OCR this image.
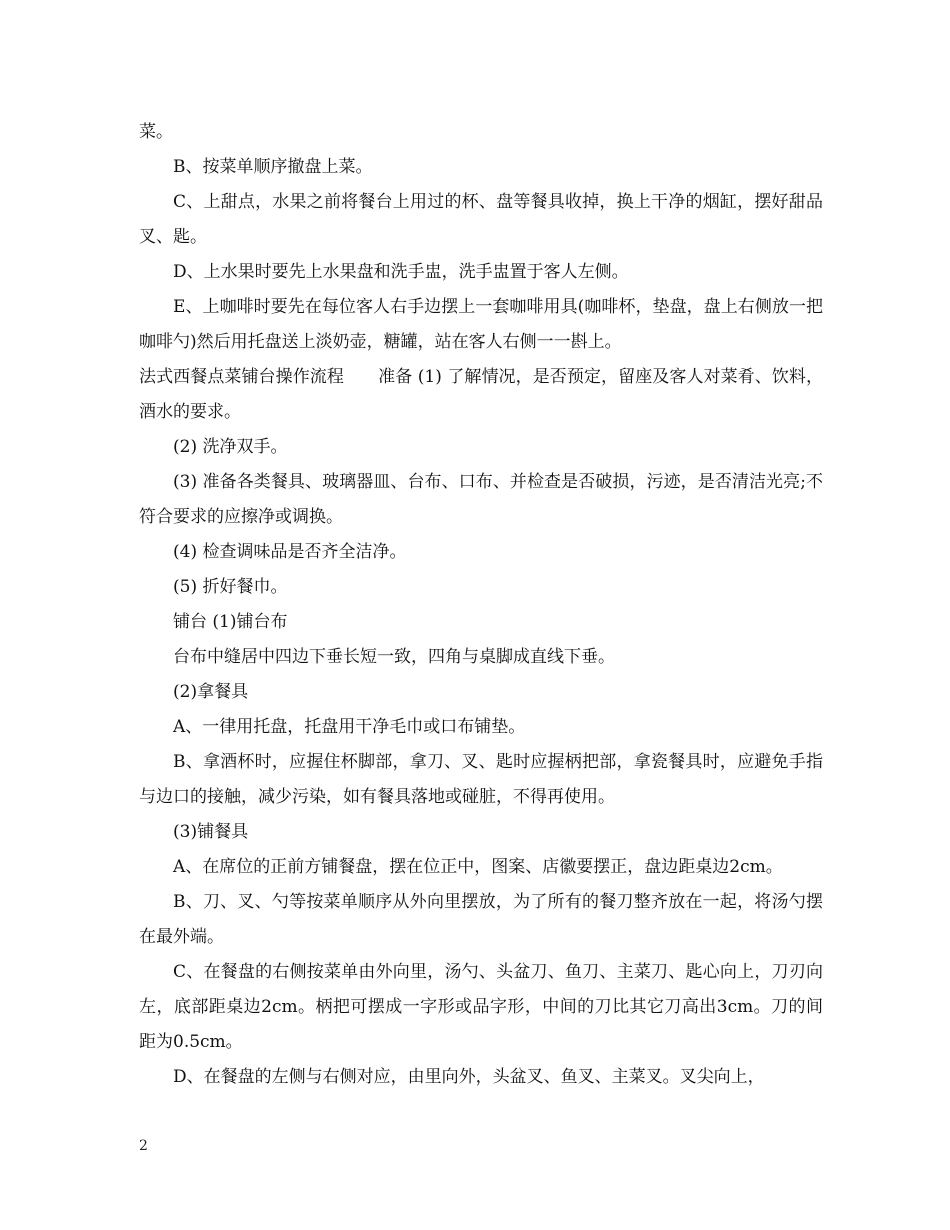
菜。

B、按菜单顺序撤盘上菜。

C、上甜点，水果之前将餐台上用过的杯、盘等餐具收掉，换上干净的烟缸，摆好甜品叉、匙。

D、上水果时要先上水果盘和洗手盅，洗手盅置于客人左侧。

E、上咖啡时要先在每位客人右手边摆上一套咖啡用具(咖啡杯，垫盘，盘上右侧放一把咖啡勺)然后用托盘送上淡奶壶，糖罐，站在客人右侧一一斟上。

法式西餐点菜铺台操作流程　　准备 (1) 了解情况，是否预定，留座及客人对菜肴、饮料，酒水的要求。

(2) 洗净双手。

(3) 准备各类餐具、玻璃器皿、台布、口布、并检查是否破损，污迹，是否清洁光亮;不符合要求的应擦净或调换。

(4) 检查调味品是否齐全洁净。

(5) 折好餐巾。

铺台 (1)铺台布

台布中缝居中四边下垂长短一致，四角与桌脚成直线下垂。

(2)拿餐具

A、一律用托盘，托盘用干净毛巾或口布铺垫。

B、拿酒杯时，应握住杯脚部，拿刀、叉、匙时应握柄把部，拿瓷餐具时，应避免手指与边口的接触，减少污染，如有餐具落地或碰脏，不得再使用。

(3)铺餐具

A、在席位的正前方铺餐盘，摆在位正中，图案、店徽要摆正，盘边距桌边2cm。

B、刀、叉、勺等按菜单顺序从外向里摆放，为了所有的餐刀整齐放在一起，将汤勺摆在最外端。

C、在餐盘的右侧按菜单由外向里，汤勺、头盆刀、鱼刀、主菜刀、匙心向上，刀刃向左，底部距桌边2cm。柄把可摆成一字形或品字形，中间的刀比其它刀高出3cm。刀的间距为0.5cm。

D、在餐盘的左侧与右侧对应，由里向外，头盆叉、鱼叉、主菜叉。叉尖向上，

2
